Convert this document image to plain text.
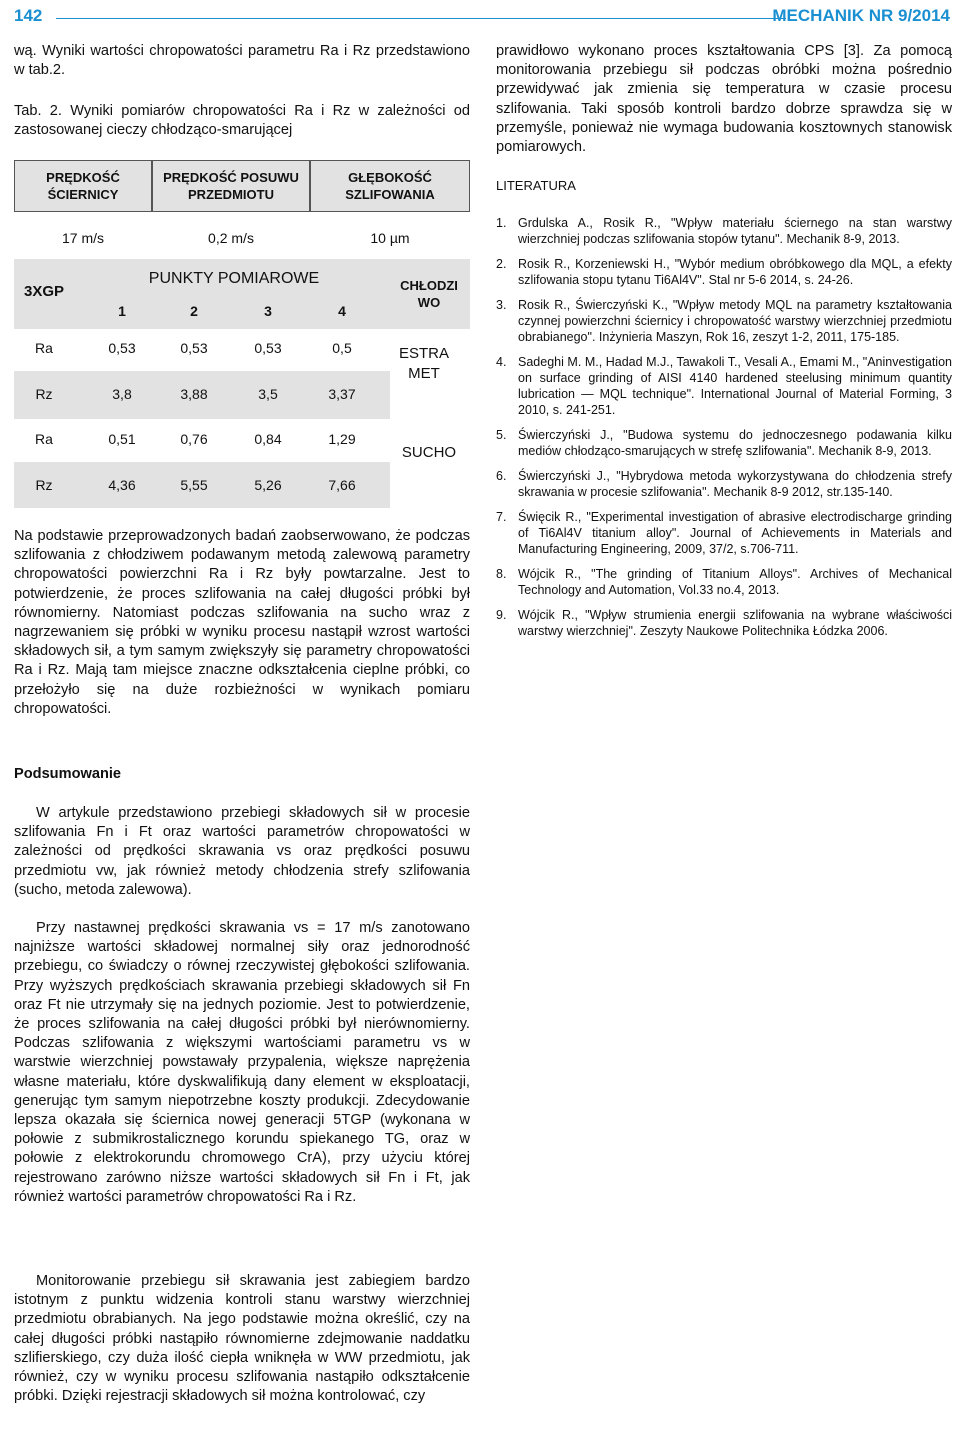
142	MECHANIK NR 9/2014

wą. Wyniki wartości chropowatości parametru Ra i Rz przedstawiono w tab.2.

Tab. 2. Wyniki pomiarów chropowatości Ra i Rz w zależności od zastosowanej cieczy chłodząco-smarującej

PRĘDKOŚĆ ŚCIERNICY
PRĘDKOŚĆ POSUWU PRZEDMIOTU
GŁĘBOKOŚĆ SZLIFOWANIA
17 m/s	0,2 m/s	10 µm
3XGP
PUNKTY POMIAROWE
1	2	3	4
CHŁODZIWO
Ra	0,53	0,53	0,53	0,5	ESTRAMET
Rz	3,8	3,88	3,5	3,37
Ra	0,51	0,76	0,84	1,29
SUCHO
Rz	4,36	5,55	5,26	7,66

Na podstawie przeprowadzonych badań zaobserwowano, że podczas szlifowania z chłodziwem podawanym metodą zalewową parametry chropowatości powierzchni Ra i Rz były powtarzalne. Jest to potwierdzenie, że proces szlifowania na całej długości próbki był równomierny. Natomiast podczas szlifowania na sucho wraz z nagrzewaniem się próbki w wyniku procesu nastąpił wzrost wartości składowych sił, a tym samym zwiększyły się parametry chropowatości Ra i Rz. Mają tam miejsce znaczne odkształcenia cieplne próbki, co przełożyło się na duże rozbieżności w wynikach pomiaru chropowatości.

Podsumowanie

W artykule przedstawiono przebiegi składowych sił w procesie szlifowania Fn i Ft oraz wartości parametrów chropowatości w zależności od prędkości skrawania vs oraz prędkości posuwu przedmiotu vw, jak również metody chłodzenia strefy szlifowania (sucho, metoda zalewowa).

Przy nastawnej prędkości skrawania vs = 17 m/s zanotowano najniższe wartości składowej normalnej siły oraz jednorodność przebiegu, co świadczy o równej rzeczywistej głębokości szlifowania. Przy wyższych prędkościach skrawania przebiegi składowych sił Fn oraz Ft nie utrzymały się na jednych poziomie. Jest to potwierdzenie, że proces szlifowania na całej długości próbki był nierównomierny. Podczas szlifowania z większymi wartościami parametru vs w warstwie wierzchniej powstawały przypalenia, większe naprężenia własne materiału, które dyskwalifikują dany element w eksploatacji, generując tym samym niepotrzebne koszty produkcji. Zdecydowanie lepsza okazała się ściernica nowej generacji 5TGP (wykonana w połowie z submikrostalicznego korundu spiekanego TG, oraz w połowie z elektrokorundu chromowego CrA), przy użyciu której rejestrowano zarówno niższe wartości składowych sił Fn i Ft, jak również wartości parametrów chropowatości Ra i Rz.

Monitorowanie przebiegu sił skrawania jest zabiegiem bardzo istotnym z punktu widzenia kontroli stanu warstwy wierzchniej przedmiotu obrabianych. Na jego podstawie można określić, czy na całej długości próbki nastąpiło równomierne zdejmowanie naddatku szlifierskiego, czy duża ilość ciepła wniknęła w WW przedmiotu, jak również, czy w wyniku procesu szlifowania nastąpiło odkształcenie próbki. Dzięki rejestracji składowych sił można kontrolować, czy

prawidłowo wykonano proces kształtowania CPS [3]. Za pomocą monitorowania przebiegu sił podczas obróbki można pośrednio przewidywać jak zmienia się temperatura w czasie procesu szlifowania. Taki sposób kontroli bardzo dobrze sprawdza się w przemyśle, ponieważ nie wymaga budowania kosztownych stanowisk pomiarowych.

LITERATURA
1. Grdulska A., Rosik R., "Wpływ materiału ściernego na stan warstwy wierzchniej podczas szlifowania stopów tytanu". Mechanik 8-9, 2013.
2. Rosik R., Korzeniewski H., "Wybór medium obróbkowego dla MQL, a efekty szlifowania stopu tytanu Ti6Al4V". Stal nr 5-6 2014, s. 24-26.
3. Rosik R., Świerczyński K., "Wpływ metody MQL na parametry kształtowania czynnej powierzchni ściernicy i chropowatość warstwy wierzchniej przedmiotu obrabianego". Inżynieria Maszyn, Rok 16, zeszyt 1-2, 2011, 175-185.
4. Sadeghi M. M., Hadad M.J., Tawakoli T., Vesali A., Emami M., "Aninvestigation on surface grinding of AISI 4140 hardened steelusing minimum quantity lubrication — MQL technique". International Journal of Material Forming, 3 2010, s. 241-251.
5. Świerczyński J., "Budowa systemu do jednoczesnego podawania kilku mediów chłodząco-smarujących w strefę szlifowania". Mechanik 8-9, 2013.
6. Świerczyński J., "Hybrydowa metoda wykorzystywana do chłodzenia strefy skrawania w procesie szlifowania". Mechanik 8-9 2012, str.135-140.
7. Święcik R., "Experimental investigation of abrasive electrodischarge grinding of Ti6Al4V titanium alloy". Journal of Achievements in Materials and Manufacturing Engineering, 2009, 37/2, s.706-711.
8. Wójcik R., "The grinding of Titanium Alloys". Archives of Mechanical Technology and Automation, Vol.33 no.4, 2013.
9. Wójcik R., "Wpływ strumienia energii szlifowania na wybrane właściwości warstwy wierzchniej". Zeszyty Naukowe Politechnika Łódzka 2006.
